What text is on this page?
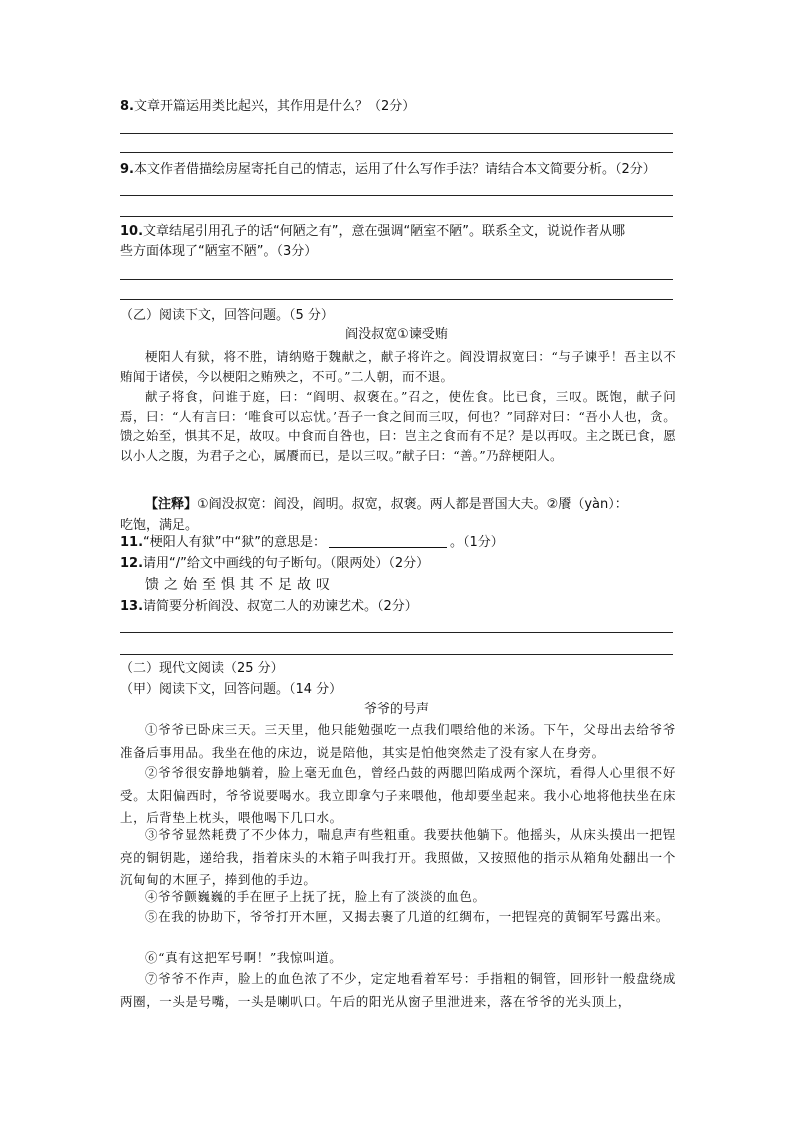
8.文章开篇运用类比起兴，其作用是什么？（2分）
9.本文作者借描绘房屋寄托自己的情志，运用了什么写作手法？请结合本文简要分析。（2分）
10.文章结尾引用孔子的话“何陋之有”，意在强调“陋室不陋”。联系全文，说说作者从哪
些方面体现了“陋室不陋”。（3分）
（乙）阅读下文，回答问题。（5 分）
阎没叔宽①谏受贿
梗阳人有狱，将不胜，请纳赂于魏献之，献子将许之。阎没谓叔宽曰：“与子谏乎！吾主以不贿闻于诸侯，今以梗阳之贿殃之，不可。”二人朝，而不退。
献子将食，问谁于庭，曰：“阎明、叔褒在。”召之，使佐食。比已食，三叹。既饱，献子问焉，曰：“人有言曰：‘唯食可以忘忧。’吾子一食之间而三叹，何也？”同辞对曰：“吾小人也，贪。馈之始至，惧其不足，故叹。中食而自咎也，曰：岂主之食而有不足？是以再叹。主之既已食，愿以小人之腹，为君子之心，属餍而已，是以三叹。”献子曰：“善。”乃辞梗阳人。
【注释】①阎没叔宽：阎没，阎明。叔宽，叔褒。两人都是晋国大夫。②餍（yàn）：
吃饱，满足。
11.“梗阳人有狱”中“狱”的意思是：	。（1分）
12.请用“/”给文中画线的句子断句。（限两处）（2分）
馈之始至惧其不足故叹
13.请简要分析阎没、叔宽二人的劝谏艺术。（2分）
（二）现代文阅读（25 分）
（甲）阅读下文，回答问题。（14 分）
爷爷的号声
①爷爷已卧床三天。三天里，他只能勉强吃一点我们喂给他的米汤。下午，父母出去给爷爷准备后事用品。我坐在他的床边，说是陪他，其实是怕他突然走了没有家人在身旁。
②爷爷很安静地躺着，脸上毫无血色，曾经凸鼓的两腮凹陷成两个深坑，看得人心里很不好受。太阳偏西时，爷爷说要喝水。我立即拿勺子来喂他，他却要坐起来。我小心地将他扶坐在床上，后背垫上枕头，喂他喝下几口水。
③爷爷显然耗费了不少体力，喘息声有些粗重。我要扶他躺下。他摇头，从床头摸出一把锃亮的铜钥匙，递给我，指着床头的木箱子叫我打开。我照做，又按照他的指示从箱角处翻出一个沉甸甸的木匣子，捧到他的手边。
④爷爷颤巍巍的手在匣子上抚了抚，脸上有了淡淡的血色。
⑤在我的协助下，爷爷打开木匣，又揭去裹了几道的红绸布，一把锃亮的黄铜军号露出来。
⑥“真有这把军号啊！”我惊叫道。
⑦爷爷不作声，脸上的血色浓了不少，定定地看着军号：手指粗的铜管，回形针一般盘绕成两圈，一头是号嘴，一头是喇叭口。午后的阳光从窗子里泄进来，落在爷爷的光头顶上，
